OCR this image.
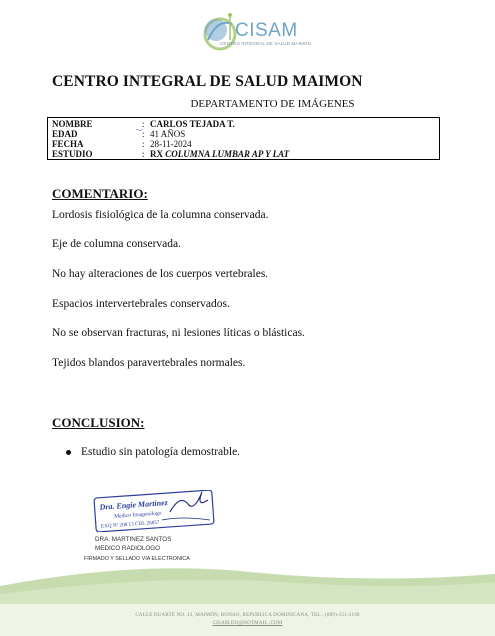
CISAM
CENTRO INTEGRAL DE SALUD MAIMON
CENTRO INTEGRAL DE SALUD MAIMON
DEPARTAMENTO DE IMÁGENES
NOMBRE	ֻ‿ : CARLOS TEJADA T.
EDAD	: 41 AÑOS
FECHA	: 28-11-2024
ESTUDIO	: RX COLUMNA LUMBAR AP Y LAT
COMENTARIO:
Lordosis fisiológica de la columna conservada.
Eje de columna conservada.
No hay alteraciones de los cuerpos vertebrales.
Espacios intervertebrales conservados.
No se observan fracturas, ni lesiones líticas o blásticas.
Tejidos blandos paravertebrales normales.
CONCLUSION:
Estudio sin patología demostrable.
Dra. Engie Martinez
Medico Imagenólogo
EXQ Nº 208 13 CDL 26857
DRA. MARTINEZ SANTOS
MEDICO RADIOLOGO
FIRMADO Y SELLADO VIA ELECTRONICA
CALLE DUARTE NO. 13, MAIMÓN, BONAO, REPUBLICA DOMINICANA, TEL.: (809)-551-2196
CISAM.DO@HOTMAIL .COM
